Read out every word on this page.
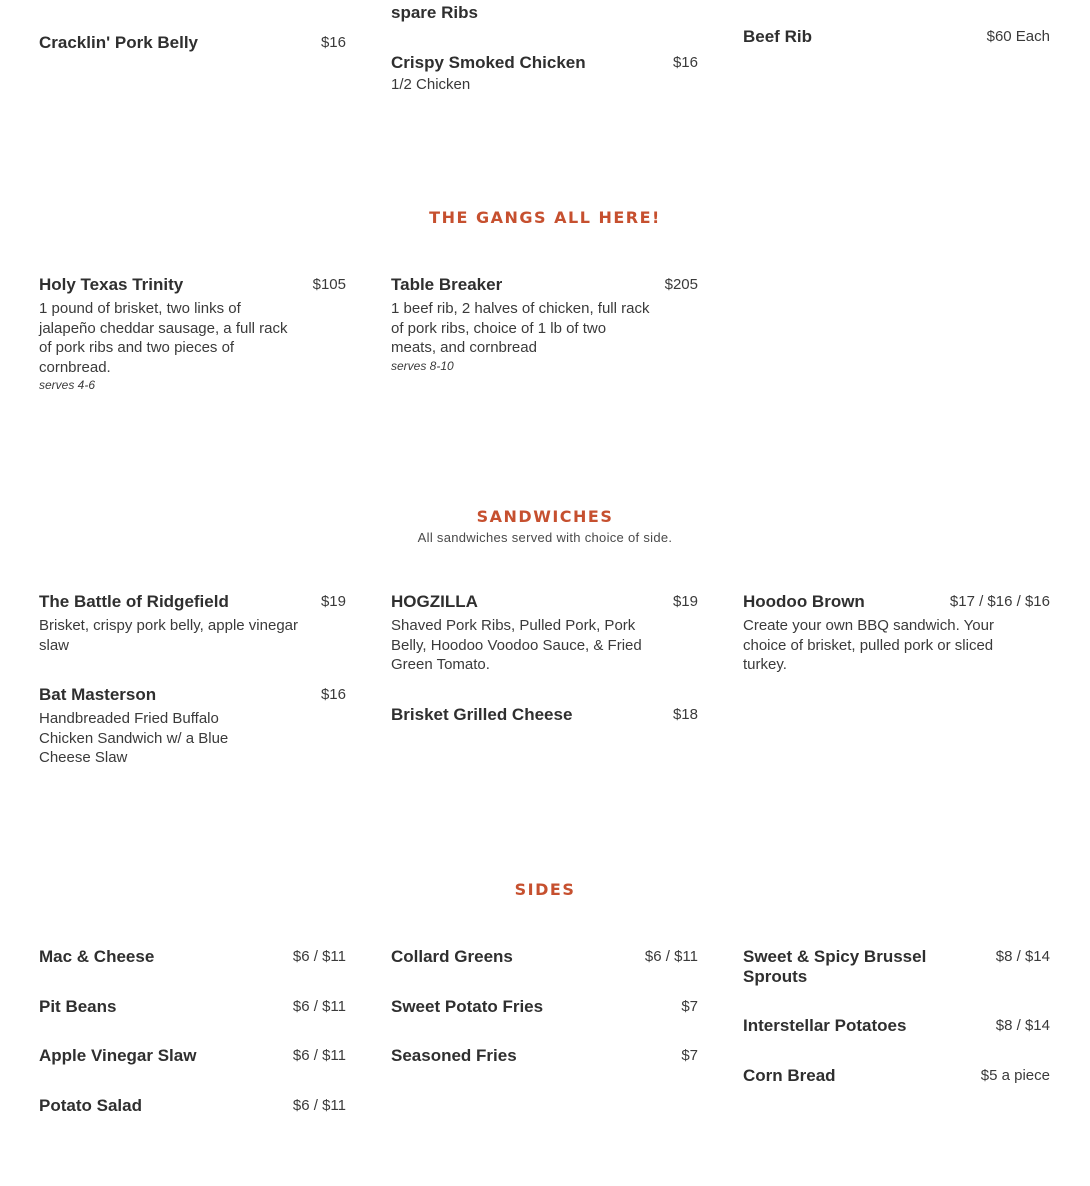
spare Ribs
Cracklin' Pork Belly	$16
Crispy Smoked Chicken	$16
1/2 Chicken
Beef Rib	$60 Each
THE GANGS ALL HERE!
Holy Texas Trinity	$105
1 pound of brisket, two links of jalapeño cheddar sausage, a full rack of pork ribs and two pieces of cornbread.
serves 4-6
Table Breaker	$205
1 beef rib, 2 halves of chicken, full rack of pork ribs, choice of 1 lb of two meats, and cornbread
serves 8-10
SANDWICHES
All sandwiches served with choice of side.
The Battle of Ridgefield	$19
Brisket, crispy pork belly, apple vinegar slaw
HOGZILLA	$19
Shaved Pork Ribs, Pulled Pork, Pork Belly, Hoodoo Voodoo Sauce, & Fried Green Tomato.
Hoodoo Brown	$17 / $16 / $16
Create your own BBQ sandwich. Your choice of brisket, pulled pork or sliced turkey.
Bat Masterson	$16
Handbreaded Fried Buffalo Chicken Sandwich w/ a Blue Cheese Slaw
Brisket Grilled Cheese	$18
SIDES
Mac & Cheese	$6 / $11
Pit Beans	$6 / $11
Apple Vinegar Slaw	$6 / $11
Potato Salad	$6 / $11
Collard Greens	$6 / $11
Sweet Potato Fries	$7
Seasoned Fries	$7
Sweet & Spicy Brussel Sprouts
$8 / $14
Interstellar Potatoes	$8 / $14
Corn Bread	$5 a piece
